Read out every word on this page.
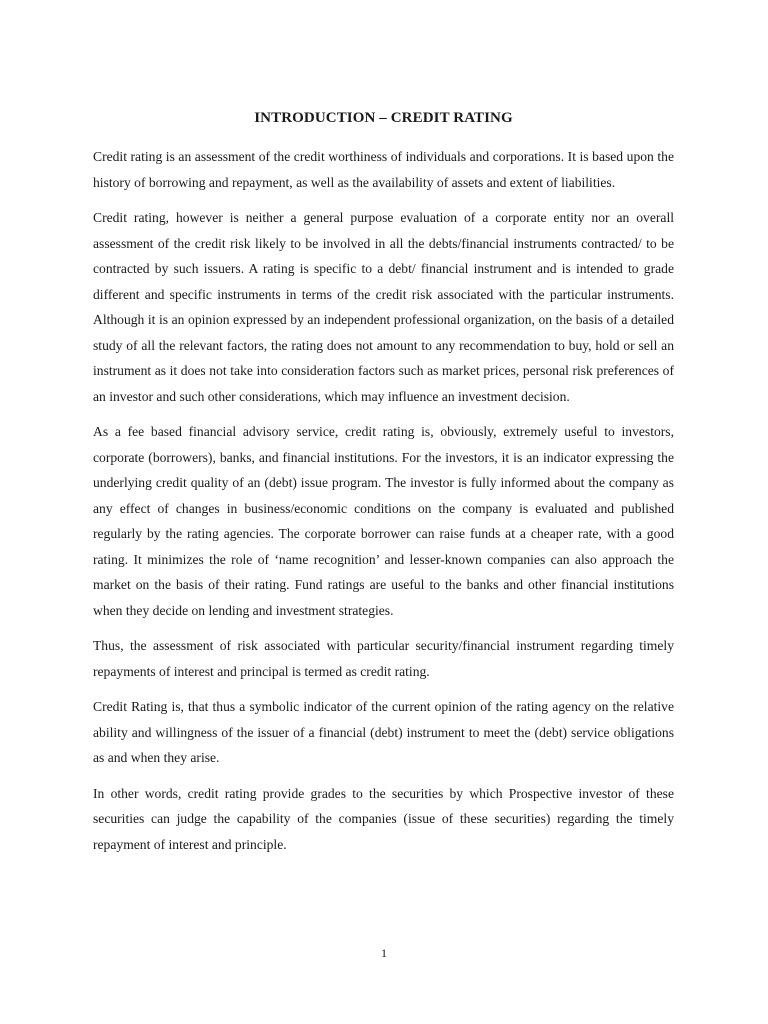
INTRODUCTION – CREDIT RATING

Credit rating is an assessment of the credit worthiness of individuals and corporations. It is based upon the history of borrowing and repayment, as well as the availability of assets and extent of liabilities.

Credit rating, however is neither a general purpose evaluation of a corporate entity nor an overall assessment of the credit risk likely to be involved in all the debts/financial instruments contracted/ to be contracted by such issuers. A rating is specific to a debt/ financial instrument and is intended to grade different and specific instruments in terms of the credit risk associated with the particular instruments. Although it is an opinion expressed by an independent professional organization, on the basis of a detailed study of all the relevant factors, the rating does not amount to any recommendation to buy, hold or sell an instrument as it does not take into consideration factors such as market prices, personal risk preferences of an investor and such other considerations, which may influence an investment decision.

As a fee based financial advisory service, credit rating is, obviously, extremely useful to investors, corporate (borrowers), banks, and financial institutions. For the investors, it is an indicator expressing the underlying credit quality of an (debt) issue program. The investor is fully informed about the company as any effect of changes in business/economic conditions on the company is evaluated and published regularly by the rating agencies. The corporate borrower can raise funds at a cheaper rate, with a good rating. It minimizes the role of ‘name recognition’ and lesser-known companies can also approach the market on the basis of their rating. Fund ratings are useful to the banks and other financial institutions when they decide on lending and investment strategies.

Thus, the assessment of risk associated with particular security/financial instrument regarding timely repayments of interest and principal is termed as credit rating.

Credit Rating is, that thus a symbolic indicator of the current opinion of the rating agency on the relative ability and willingness of the issuer of a financial (debt) instrument to meet the (debt) service obligations as and when they arise.

In other words, credit rating provide grades to the securities by which Prospective investor of these securities can judge the capability of the companies (issue of these securities) regarding the timely repayment of interest and principle.

1
